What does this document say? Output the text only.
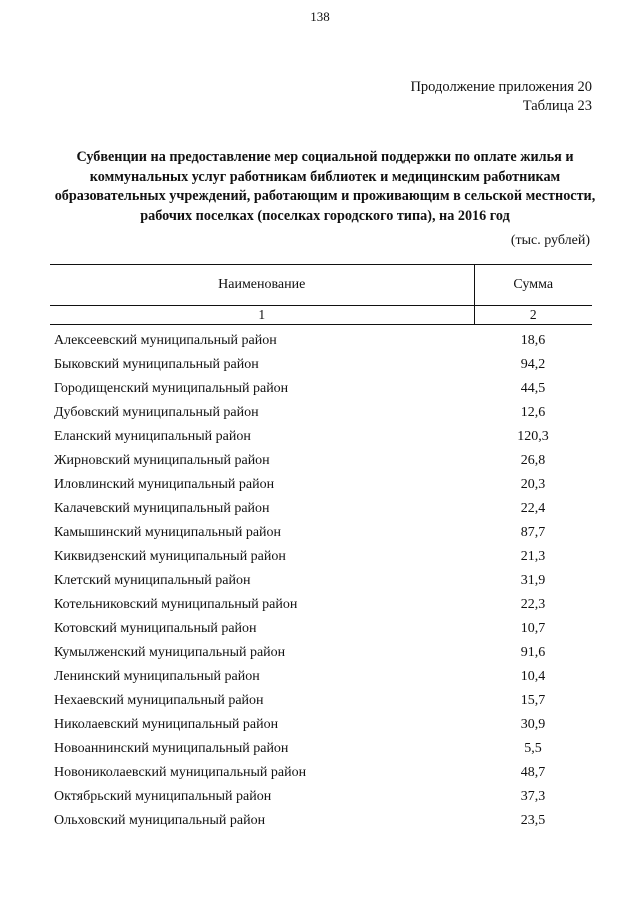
138
Продолжение приложения 20
Таблица 23
Субвенции на предоставление мер социальной поддержки по оплате жилья и коммунальных услуг работникам библиотек и медицинским работникам образовательных учреждений, работающим и проживающим в сельской местности, рабочих поселках (поселках городского типа), на 2016 год
(тыс. рублей)
Наименование	Сумма
1	2
Алексеевский муниципальный район	18,6
Быковский муниципальный район	94,2
Городищенский муниципальный район	44,5
Дубовский муниципальный район	12,6
Еланский муниципальный район	120,3
Жирновский муниципальный район	26,8
Иловлинский муниципальный район	20,3
Калачевский муниципальный район	22,4
Камышинский муниципальный район	87,7
Киквидзенский муниципальный район	21,3
Клетский муниципальный район	31,9
Котельниковский муниципальный район	22,3
Котовский муниципальный район	10,7
Кумылженский муниципальный район	91,6
Ленинский муниципальный район	10,4
Нехаевский муниципальный район	15,7
Николаевский муниципальный район	30,9
Новоаннинский муниципальный район	5,5
Новониколаевский муниципальный район	48,7
Октябрьский муниципальный район	37,3
Ольховский муниципальный район	23,5
